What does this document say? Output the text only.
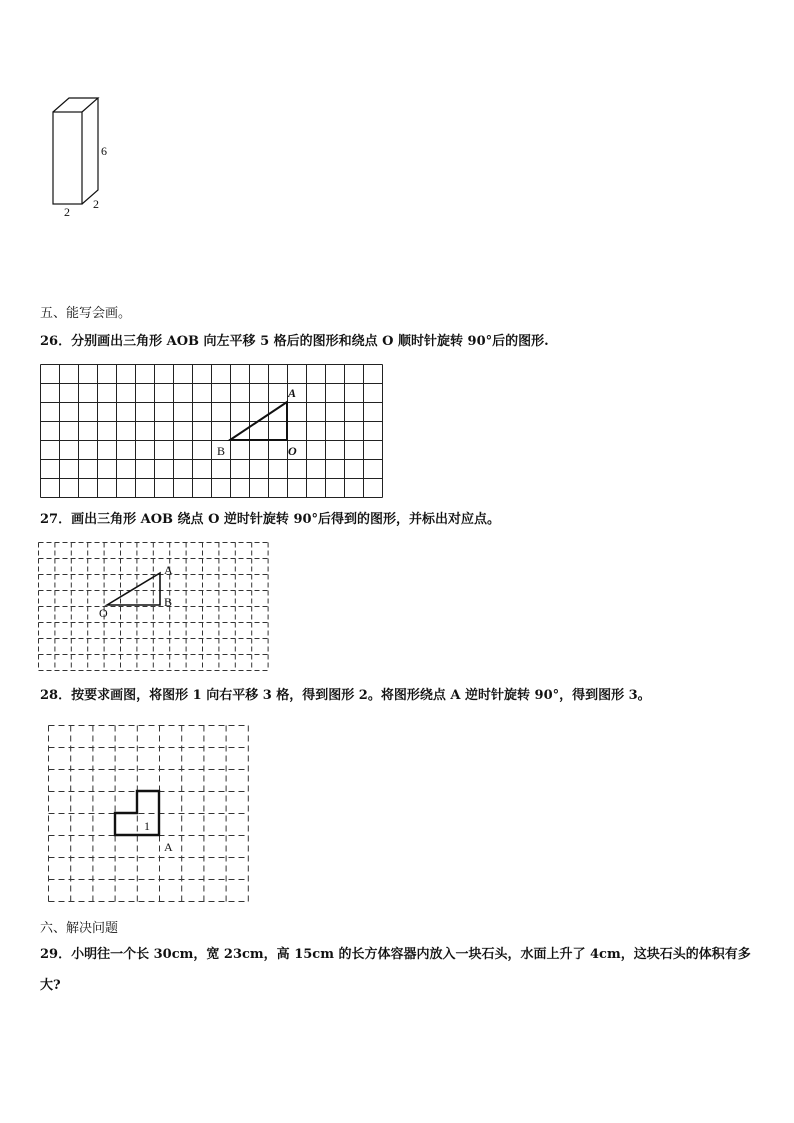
6
2
2
五、能写会画。
26．分别画出三角形 AOB 向左平移 5 格后的图形和绕点 O 顺时针旋转 90°后的图形.
A
B	O
27．画出三角形 AOB 绕点 O 逆时针旋转 90°后得到的图形，并标出对应点。
A
B
O
28．按要求画图，将图形 1 向右平移 3 格，得到图形 2。将图形绕点 A 逆时针旋转 90°，得到图形 3。
1
A
六、解决问题
29．小明往一个长 30cm，宽 23cm，高 15cm 的长方体容器内放入一块石头，水面上升了 4cm，这块石头的体积有多
大?
